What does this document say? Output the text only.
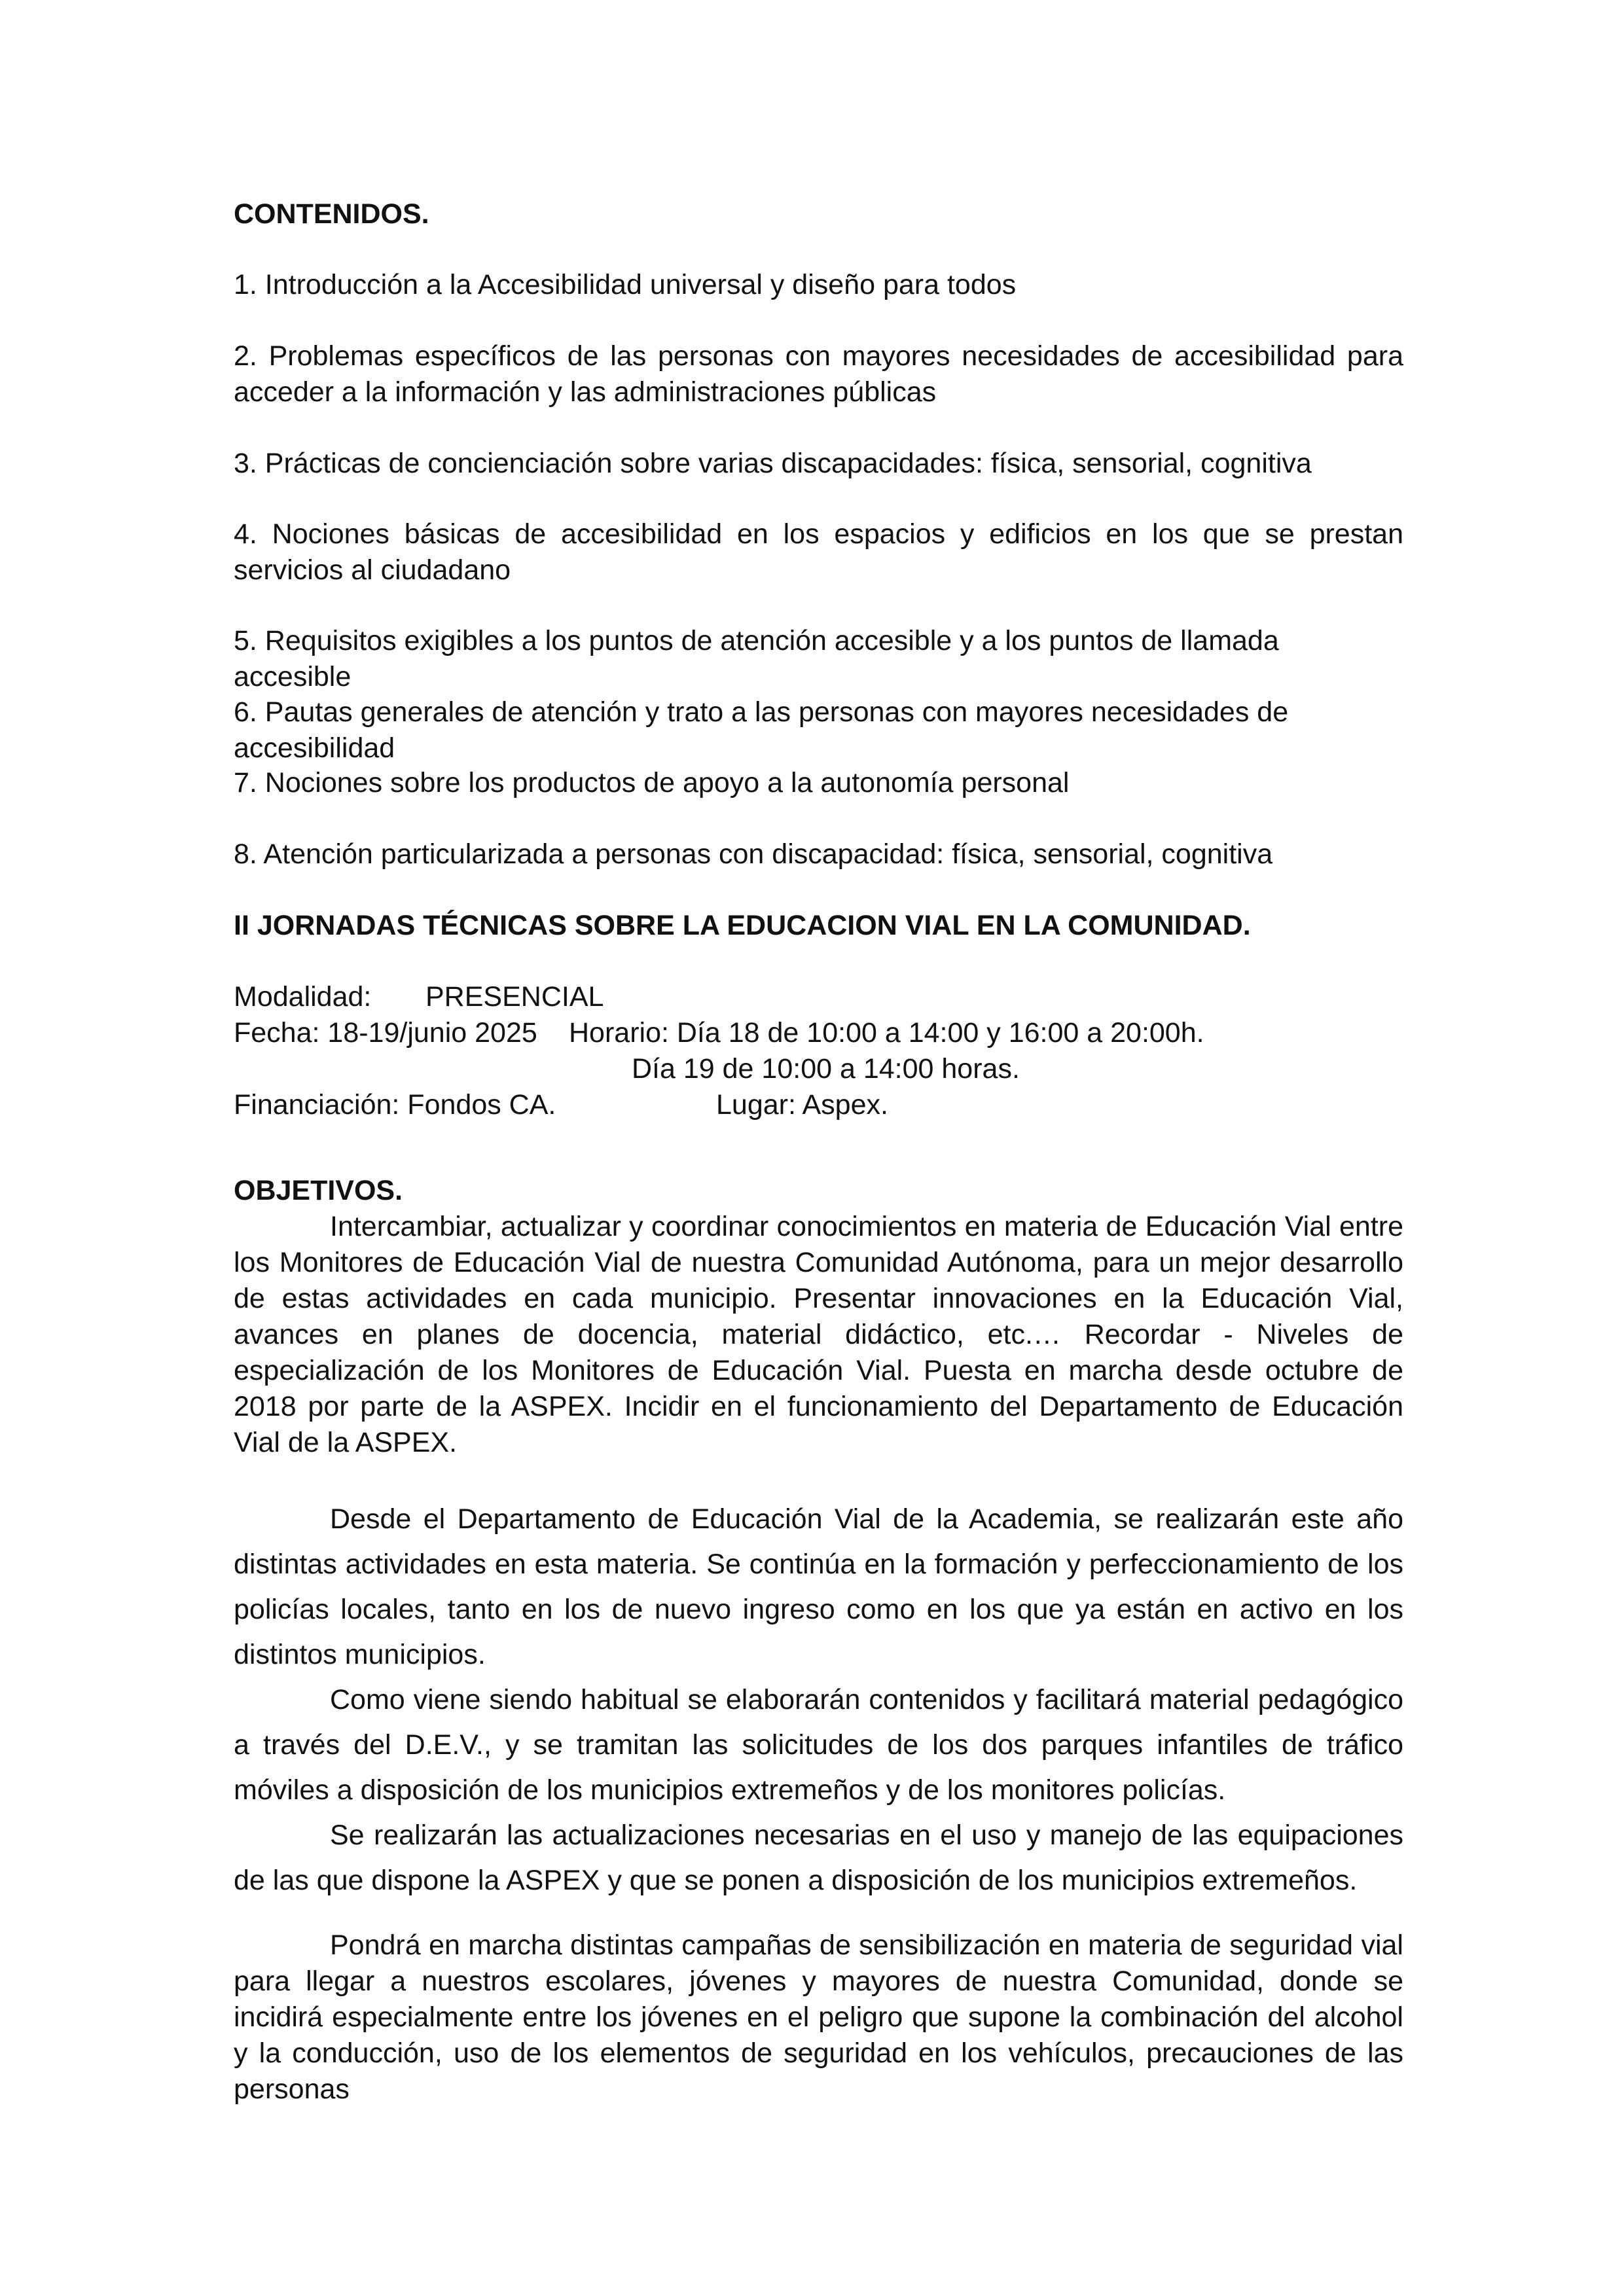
CONTENIDOS.

1. Introducción a la Accesibilidad universal y diseño para todos

2. Problemas específicos de las personas con mayores necesidades de accesibilidad para acceder a la información y las administraciones públicas

3. Prácticas de concienciación sobre varias discapacidades: física, sensorial, cognitiva

4. Nociones básicas de accesibilidad en los espacios y edificios en los que se prestan servicios al ciudadano

5. Requisitos exigibles a los puntos de atención accesible y a los puntos de llamada accesible

6. Pautas generales de atención y trato a las personas con mayores necesidades de accesibilidad

7. Nociones sobre los productos de apoyo a la autonomía personal

8. Atención particularizada a personas con discapacidad: física, sensorial, cognitiva

II JORNADAS TÉCNICAS SOBRE LA EDUCACION VIAL EN LA COMUNIDAD.

Modalidad: PRESENCIAL
Fecha: 18-19/junio 2025 Horario: Día 18 de 10:00 a 14:00 y 16:00 a 20:00h.
Día 19 de 10:00 a 14:00 horas.
Financiación: Fondos CA.	Lugar: Aspex.

OBJETIVOS.

Intercambiar, actualizar y coordinar conocimientos en materia de Educación Vial entre los Monitores de Educación Vial de nuestra Comunidad Autónoma, para un mejor desarrollo de estas actividades en cada municipio. Presentar innovaciones en la Educación Vial, avances en planes de docencia, material didáctico, etc.… Recordar - Niveles de especialización de los Monitores de Educación Vial. Puesta en marcha desde octubre de 2018 por parte de la ASPEX. Incidir en el funcionamiento del Departamento de Educación Vial de la ASPEX.

Desde el Departamento de Educación Vial de la Academia, se realizarán este año distintas actividades en esta materia. Se continúa en la formación y perfeccionamiento de los policías locales, tanto en los de nuevo ingreso como en los que ya están en activo en los distintos municipios.

Como viene siendo habitual se elaborarán contenidos y facilitará material pedagógico a través del D.E.V., y se tramitan las solicitudes de los dos parques infantiles de tráfico móviles a disposición de los municipios extremeños y de los monitores policías.

Se realizarán las actualizaciones necesarias en el uso y manejo de las equipaciones de las que dispone la ASPEX y que se ponen a disposición de los municipios extremeños.

Pondrá en marcha distintas campañas de sensibilización en materia de seguridad vial para llegar a nuestros escolares, jóvenes y mayores de nuestra Comunidad, donde se incidirá especialmente entre los jóvenes en el peligro que supone la combinación del alcohol y la conducción, uso de los elementos de seguridad en los vehículos, precauciones de las personas
